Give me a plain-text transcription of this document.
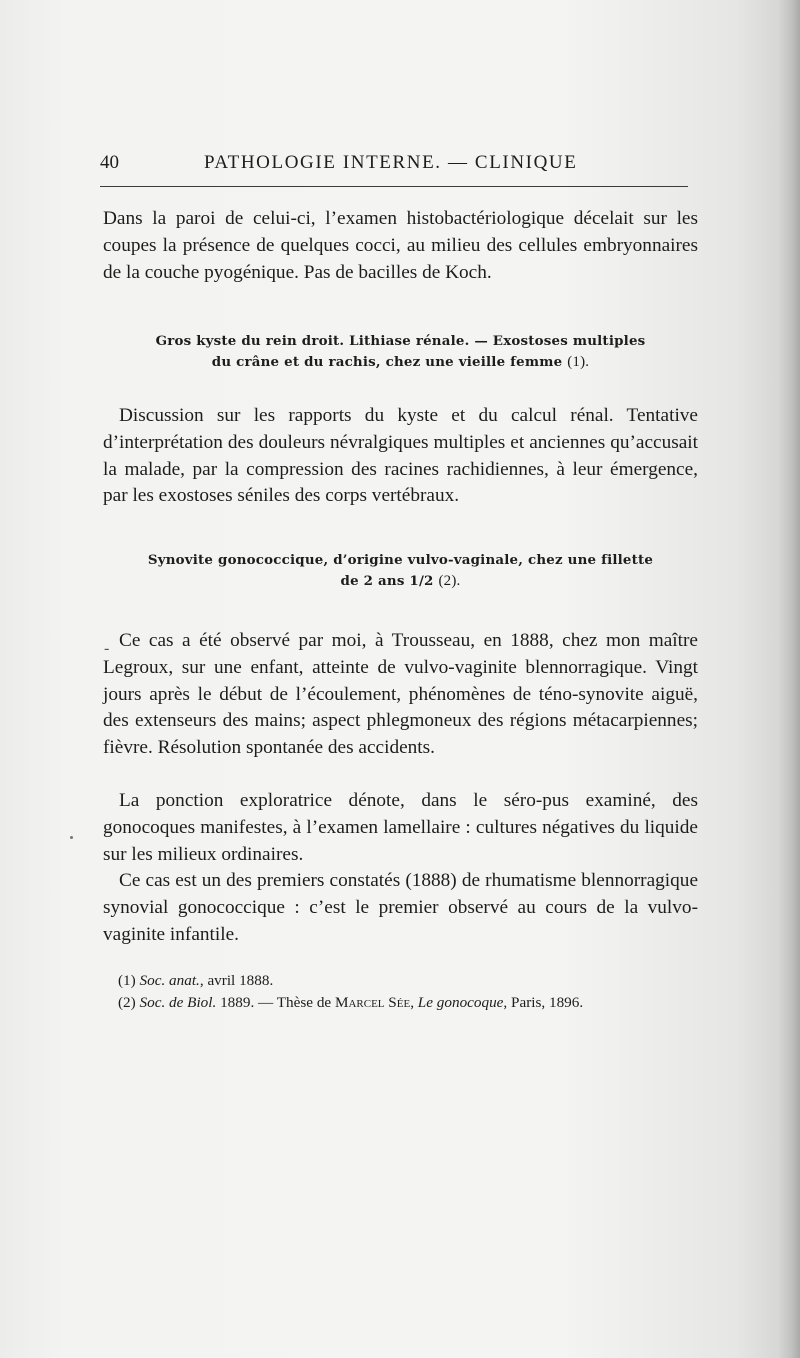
40	PATHOLOGIE INTERNE. — CLINIQUE

Dans la paroi de celui-ci, l’examen histobactériologique décelait sur les coupes la présence de quelques cocci, au milieu des cellules embryonnaires de la couche pyogénique. Pas de bacilles de Koch.

Gros kyste du rein droit. Lithiase rénale. — Exostoses multiples
du crâne et du rachis, chez une vieille femme (1).

Discussion sur les rapports du kyste et du calcul rénal. Tentative d’interprétation des douleurs névralgiques multiples et anciennes qu’accusait la malade, par la compression des racines rachidiennes, à leur émergence, par les exostoses séniles des corps vertébraux.

Synovite gonococcique, d’origine vulvo-vaginale, chez une fillette
de 2 ans 1/2 (2).

- Ce cas a été observé par moi, à Trousseau, en 1888, chez mon maître Legroux, sur une enfant, atteinte de vulvo-vaginite blennorragique. Vingt jours après le début de l’écoulement, phénomènes de téno-synovite aiguë, des extenseurs des mains; aspect phlegmoneux des régions métacarpiennes; fièvre. Résolution spontanée des accidents.

La ponction exploratrice dénote, dans le séro-pus examiné, des gonocoques manifestes, à l’examen lamellaire : cultures négatives du liquide sur les milieux ordinaires.

Ce cas est un des premiers constatés (1888) de rhumatisme blennorragique synovial gonococcique : c’est le premier observé au cours de la vulvo-vaginite infantile.

(1) Soc. anat., avril 1888.
(2) Soc. de Biol. 1889. — Thèse de Marcel Sée, Le gonocoque, Paris, 1896.
